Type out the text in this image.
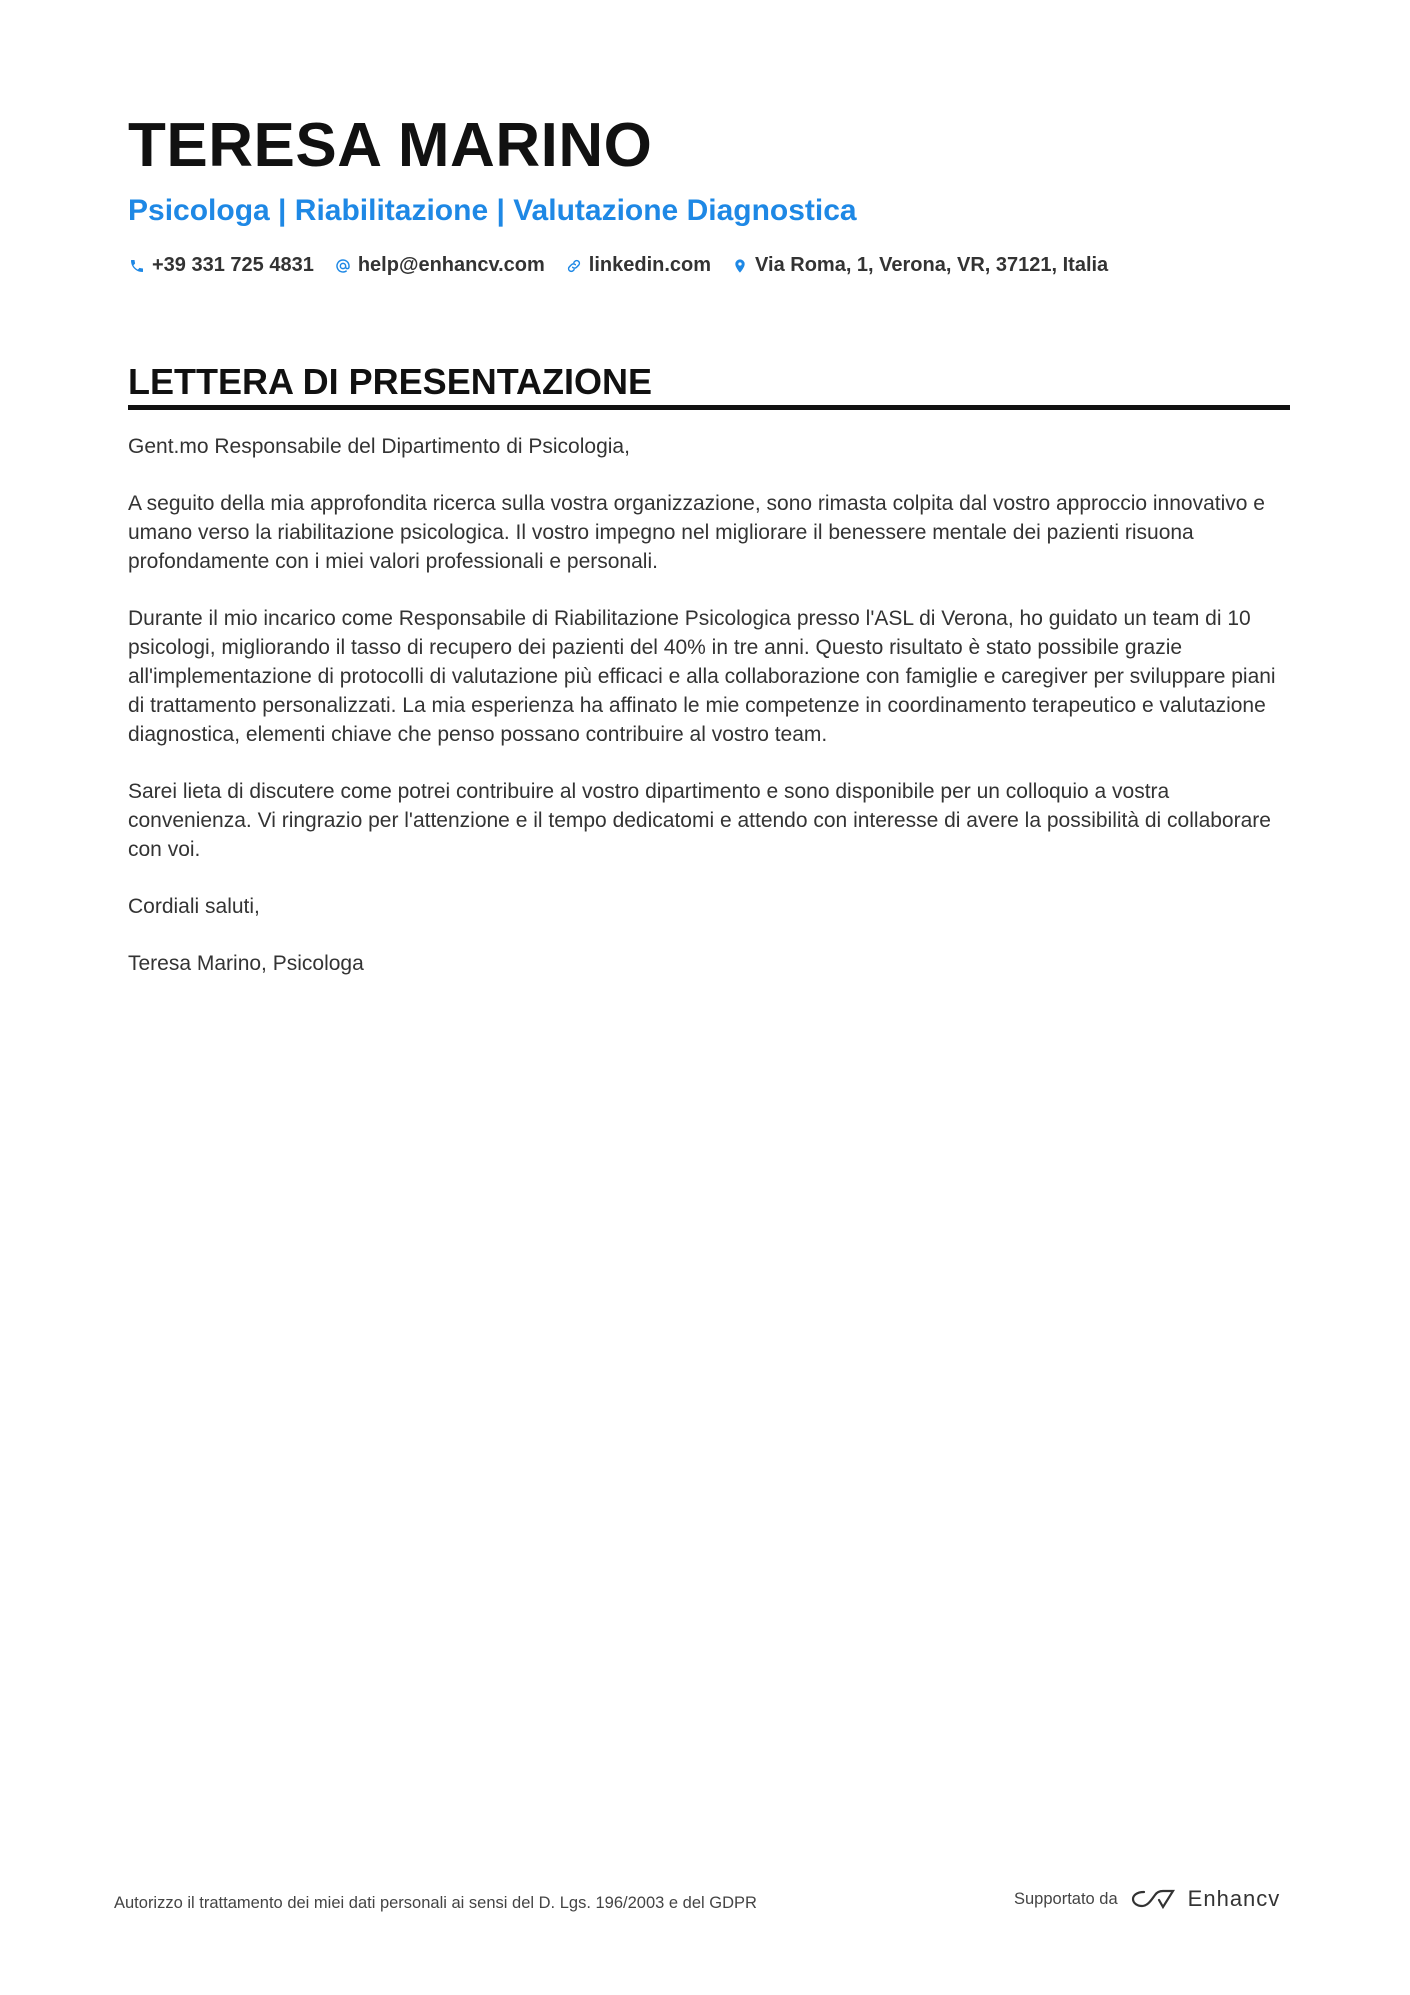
TERESA MARINO
Psicologa | Riabilitazione | Valutazione Diagnostica
+39 331 725 4831 help@enhancv.com linkedin.com Via Roma, 1, Verona, VR, 37121, Italia
LETTERA DI PRESENTAZIONE

Gent.mo Responsabile del Dipartimento di Psicologia,

A seguito della mia approfondita ricerca sulla vostra organizzazione, sono rimasta colpita dal vostro approccio innovativo e umano verso la riabilitazione psicologica. Il vostro impegno nel migliorare il benessere mentale dei pazienti risuona profondamente con i miei valori professionali e personali.

Durante il mio incarico come Responsabile di Riabilitazione Psicologica presso l'ASL di Verona, ho guidato un team di 10 psicologi, migliorando il tasso di recupero dei pazienti del 40% in tre anni. Questo risultato è stato possibile grazie all'implementazione di protocolli di valutazione più efficaci e alla collaborazione con famiglie e caregiver per sviluppare piani di trattamento personalizzati. La mia esperienza ha affinato le mie competenze in coordinamento terapeutico e valutazione diagnostica, elementi chiave che penso possano contribuire al vostro team.

Sarei lieta di discutere come potrei contribuire al vostro dipartimento e sono disponibile per un colloquio a vostra convenienza. Vi ringrazio per l'attenzione e il tempo dedicatomi e attendo con interesse di avere la possibilità di collaborare con voi.

Cordiali saluti,

Teresa Marino, Psicologa

Autorizzo il trattamento dei miei dati personali ai sensi del D. Lgs. 196/2003 e del GDPR	Supportato da	Enhancv
